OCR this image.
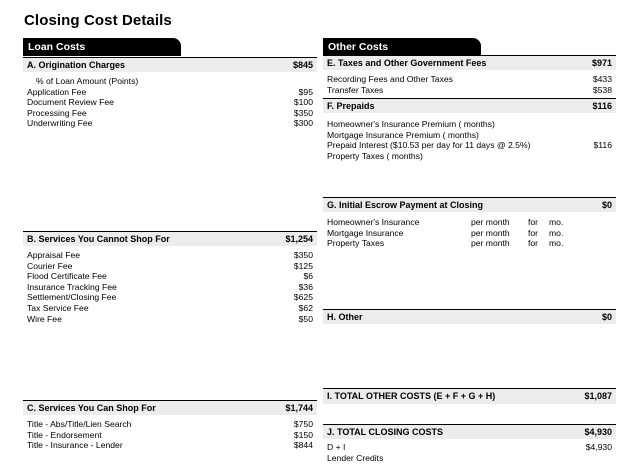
Closing Cost Details
Loan Costs
A. Origination Charges	$845
% of Loan Amount (Points)
Application Fee	$95
Document Review Fee	$100
Processing Fee	$350
Underwriting Fee	$300
B. Services You Cannot Shop For	$1,254
Appraisal Fee	$350
Courier Fee	$125
Flood Certificate Fee	$6
Insurance Tracking Fee	$36
Settlement/Closing Fee	$625
Tax Service Fee	$62
Wire Fee	$50
C. Services You Can Shop For	$1,744
Title - Abs/Title/Lien Search	$750
Title - Endorsement	$150
Title - Insurance - Lender	$844
Other Costs
E. Taxes and Other Government Fees	$971
Recording Fees and Other Taxes	$433
Transfer Taxes	$538
F. Prepaids	$116
Homeowner's Insurance Premium ( months)
Mortgage Insurance Premium ( months)
Prepaid Interest ($10.53 per day for 11 days @ 2.5%)	$116
Property Taxes ( months)
G. Initial Escrow Payment at Closing	$0
Homeowner's Insurance	per month for mo.
Mortgage Insurance	per month for mo.
Property Taxes	per month for mo.
H. Other	$0
I. TOTAL OTHER COSTS (E + F + G + H)	$1,087
J. TOTAL CLOSING COSTS	$4,930
D + I	$4,930
Lender Credits
